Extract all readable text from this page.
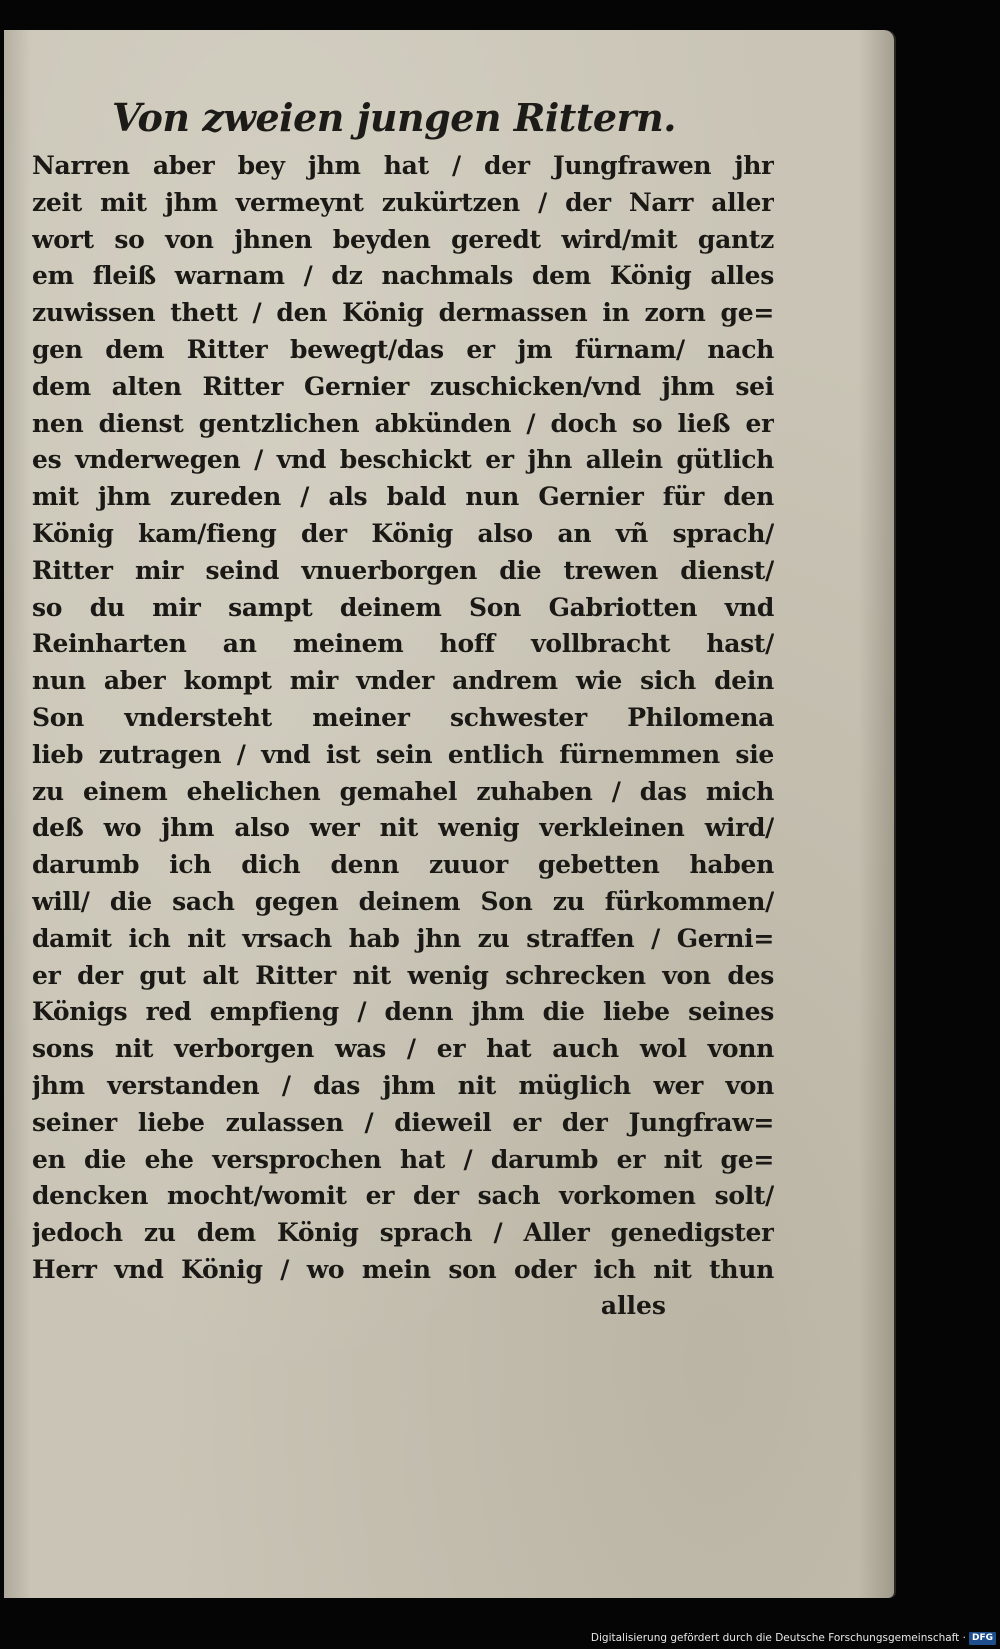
Von zweien jungen Rittern.
Narren aber bey jhm hat / der Jungfrawen jhr
zeit mit jhm vermeynt zukürtzen / der Narr aller
wort so von jhnen beyden geredt wird/mit gantz
em fleiß warnam / dz nachmals dem König alles
zuwissen thett / den König dermassen in zorn ge=
gen dem Ritter bewegt/das er jm fürnam/ nach
dem alten Ritter Gernier zuschicken/vnd jhm sei
nen dienst gentzlichen abkünden / doch so ließ er
es vnderwegen / vnd beschickt er jhn allein gütlich
mit jhm zureden / als bald nun Gernier für den
König kam/fieng der König also an vñ sprach/
Ritter mir seind vnuerborgen die trewen dienst/
so du mir sampt deinem Son Gabriotten vnd
Reinharten an meinem hoff vollbracht hast/
nun aber kompt mir vnder andrem wie sich dein
Son vndersteht meiner schwester Philomena
lieb zutragen / vnd ist sein entlich fürnemmen sie
zu einem ehelichen gemahel zuhaben / das mich
deß wo jhm also wer nit wenig verkleinen wird/
darumb ich dich denn zuuor gebetten haben
will/ die sach gegen deinem Son zu fürkommen/
damit ich nit vrsach hab jhn zu straffen / Gerni=
er der gut alt Ritter nit wenig schrecken von des
Königs red empfieng / denn jhm die liebe seines
sons nit verborgen was / er hat auch wol vonn
jhm verstanden / das jhm nit müglich wer von
seiner liebe zulassen / dieweil er der Jungfraw=
en die ehe versprochen hat / darumb er nit ge=
dencken mocht/womit er der sach vorkomen solt/
jedoch zu dem König sprach / Aller genedigster
Herr vnd König / wo mein son oder ich nit thun
alles
Digitalisierung gefördert durch die Deutsche Forschungsgemeinschaft · DFG
